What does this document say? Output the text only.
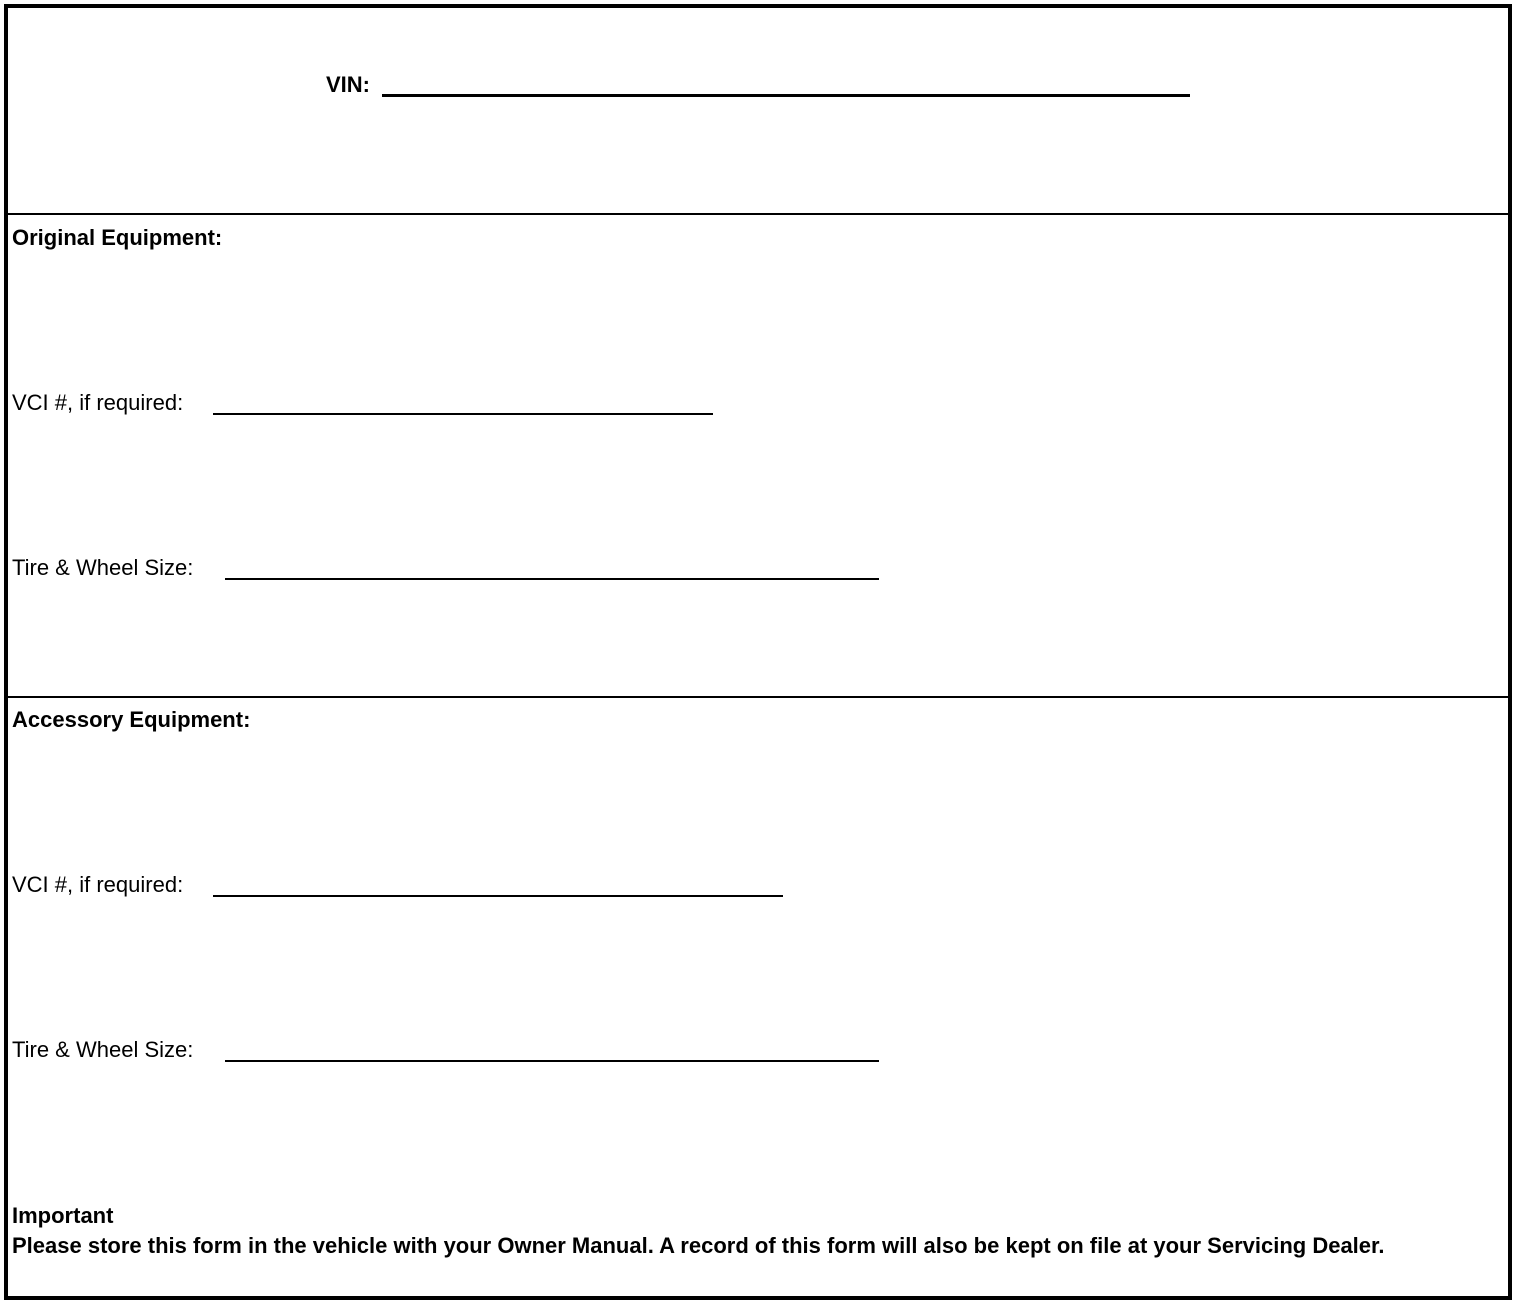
VIN:
Original Equipment:
VCI #, if required:
Tire & Wheel Size:
Accessory Equipment:
VCI #, if required:
Tire & Wheel Size:
Important
Please store this form in the vehicle with your Owner Manual. A record of this form will also be kept on file at your Servicing Dealer.
